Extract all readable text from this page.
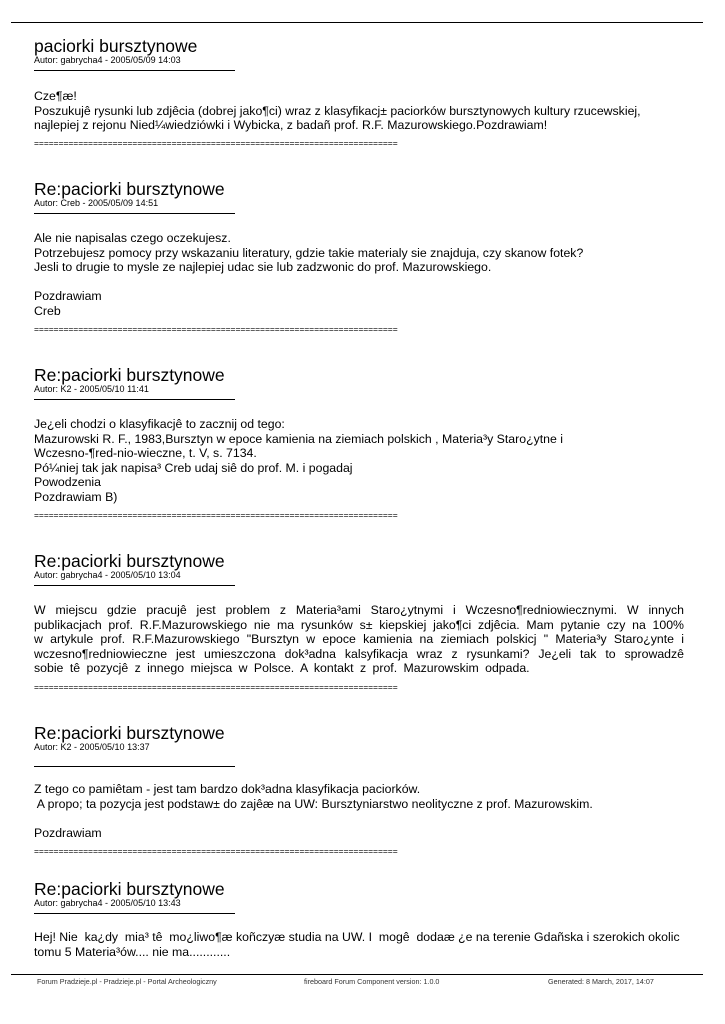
paciorki bursztynowe
Autor: gabrycha4 - 2005/05/09 14:03
Cze¶æ!
Poszukujê rysunki lub zdjêcia (dobrej jako¶ci) wraz z klasyfikacj± paciorków bursztynowych kultury rzucewskiej,
najlepiej z rejonu Nied¼wiedziówki i Wybicka, z badañ prof. R.F. Mazurowskiego.Pozdrawiam!
==========================================================================
Re:paciorki bursztynowe
Autor: Creb - 2005/05/09 14:51
Ale nie napisalas czego oczekujesz.
Potrzebujesz pomocy przy wskazaniu literatury, gdzie takie materialy sie znajduja, czy skanow fotek?
Jesli to drugie to mysle ze najlepiej udac sie lub zadzwonic do prof. Mazurowskiego.
Pozdrawiam
Creb
==========================================================================
Re:paciorki bursztynowe
Autor: K2 - 2005/05/10 11:41
Je¿eli chodzi o klasyfikacjê to zacznij od tego:
Mazurowski R. F., 1983,Bursztyn w epoce kamienia na ziemiach polskich , Materia³y Staro¿ytne i
Wczesno-¶red-nio-wieczne, t. V, s. 7134.
Pó¼niej tak jak napisa³ Creb udaj siê do prof. M. i pogadaj
Powodzenia
Pozdrawiam B)
==========================================================================
Re:paciorki bursztynowe
Autor: gabrycha4 - 2005/05/10 13:04
W miejscu gdzie pracujê jest problem z Materia³ami Staro¿ytnymi i Wczesno¶redniowiecznymi. W innych
publikacjach prof. R.F.Mazurowskiego nie ma rysunków s± kiepskiej jako¶ci zdjêcia. Mam pytanie czy na 100%
w artykule prof. R.F.Mazurowskiego "Bursztyn w epoce kamienia na ziemiach polskicj " Materia³y Staro¿ynte i
wczesno¶redniowieczne jest umieszczona dok³adna kalsyfikacja wraz z rysunkami? Je¿eli tak to sprowadzê
sobie tê pozycjê z innego miejsca w Polsce. A kontakt z prof. Mazurowskim odpada.
==========================================================================
Re:paciorki bursztynowe
Autor: K2 - 2005/05/10 13:37
Z tego co pamiêtam - jest tam bardzo dok³adna klasyfikacja paciorków.
A propo; ta pozycja jest podstaw± do zajêæ na UW: Bursztyniarstwo neolityczne z prof. Mazurowskim.
Pozdrawiam
==========================================================================
Re:paciorki bursztynowe
Autor: gabrycha4 - 2005/05/10 13:43
Hej! Nie  ka¿dy  mia³ tê  mo¿liwo¶æ koñczyæ studia na UW. I  mogê  dodaæ ¿e na terenie Gdañska i szerokich okolic
tomu 5 Materia³ów.... nie ma............
Forum Pradzieje.pl - Pradzieje.pl - Portal Archeologiczny	fireboard Forum Component version: 1.0.0	Generated: 8 March, 2017, 14:07
